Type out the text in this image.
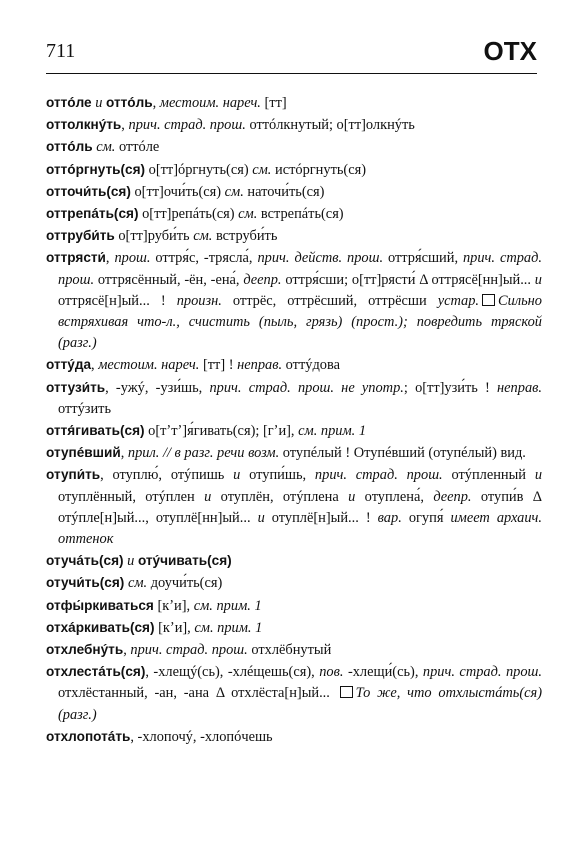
711	ОТХ

оттóле и оттóль, местоим. нареч. [тт]

оттолкнýть, прич. страд. прош. оттóлкнутый; о[тт]олкнýть

оттóль см. оттóле

оттóргнуть(ся) о[тт]óргнуть(ся) см. истóргнуть(ся)

отточи́ть(ся) о[тт]очи́ть(ся) см. наточи́ть(ся)

оттрепáть(ся) о[тт]репáть(ся) см. встрепáть(ся)

оттруби́ть о[тт]руби́ть см. вструби́ть

оттрясти́, прош. оттря́с, -трясла́, прич. действ. прош. оттря́сший, прич. страд. прош. оттрясённый, -ён, -ена́, деепр. оттря́сши; о[тт]рясти́ Δ оттрясё[нн]ый... и оттрясё[н]ый... ! произн. оттрёс, оттрёсший, оттрёсши устар. Сильно встряхивая что-л., счистить (пыль, грязь) (прост.); повредить тряской (разг.)

оттýда, местоим. нареч. [тт] ! неправ. оттýдова

оттузи́ть, -ужý, -узи́шь, прич. страд. прош. не употр.; о[тт]узи́ть ! неправ. оттýзить

оття́гивать(ся) о[тʼтʼ]я́гивать(ся); [гʼи], см. прим. 1

отупéвший, прил. // в разг. речи возм. отупéлый ! Отупéвший (отупéлый) вид.

отупи́ть, отуплю́, отýпишь и отупи́шь, прич. страд. прош. отýпленный и отуплённый, отýплен и отуплён, отýплена и отуплена́, деепр. отупи́в Δ отýпле[н]ый..., отуплё[нн]ый... и отуплё[н]ый... ! вар. огупя́ имеет архаич. оттенок

отучáть(ся) и отýчивать(ся)

отучи́ть(ся) см. доучи́ть(ся)

отфы́ркиваться [кʼи], см. прим. 1

отхáркивать(ся) [кʼи], см. прим. 1

отхлебнýть, прич. страд. прош. отхлёбнутый

отхлестáть(ся), -хлещý(сь), -хлéщешь(ся), пов. -хлещи́(сь), прич. страд. прош. отхлёстанный, -ан, -ана Δ отхлёста[н]ый... То же, что отхлыстáть(ся) (разг.)

отхлопотáть, -хлопочý, -хлопóчешь
